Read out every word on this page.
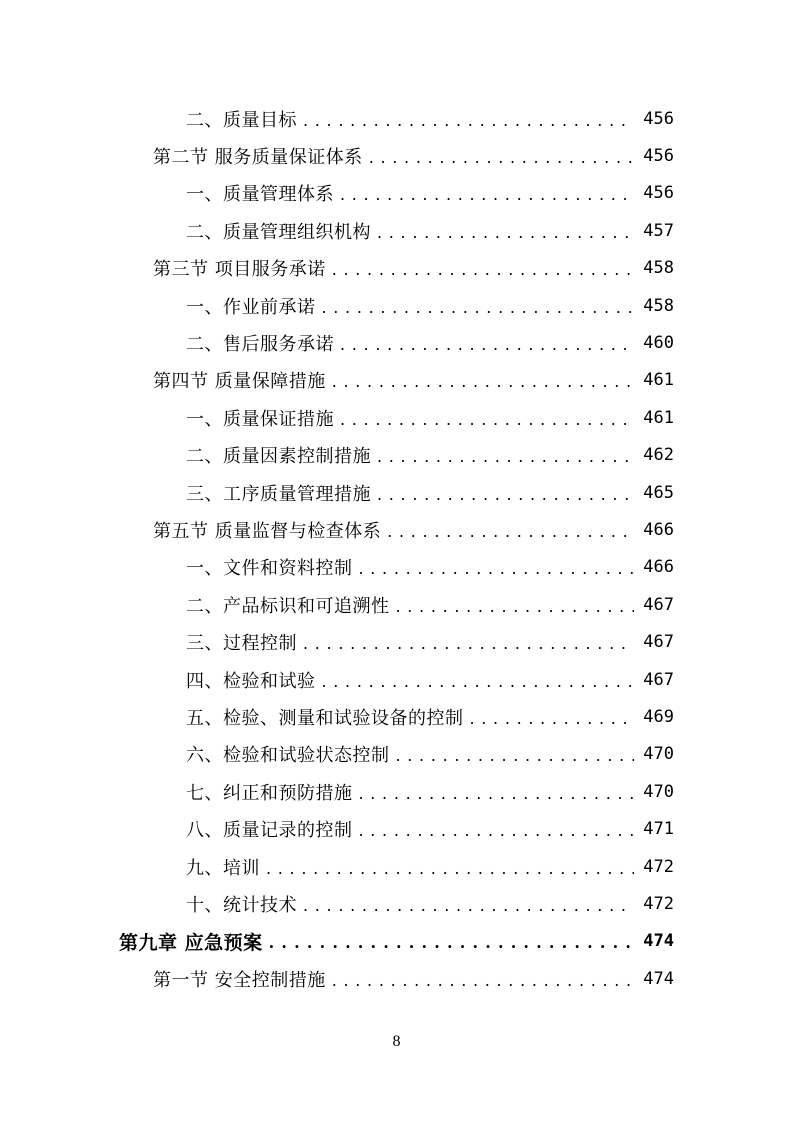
二、质量目标 . . .	456
第二节 服务质量保证体系 . . .	456
一、质量管理体系 . . .	456
二、质量管理组织机构 . . .	457
第三节 项目服务承诺 . . .	458
一、作业前承诺 . . .	458
二、售后服务承诺 . . .	460
第四节 质量保障措施 . . .	461
一、质量保证措施 . . .	461
二、质量因素控制措施 . . .	462
三、工序质量管理措施 . . .	465
第五节 质量监督与检查体系 . . .	466
一、文件和资料控制 . . .	466
二、产品标识和可追溯性 . . .	467
三、过程控制 . . .	467
四、检验和试验 . . .	467
五、检验、测量和试验设备的控制 . . .	469
六、检验和试验状态控制 . . .	470
七、纠正和预防措施 . . .	470
八、质量记录的控制 . . .	471
九、培训 . . .	472
十、统计技术 . . .	472
第九章 应急预案 . . .	474
第一节 安全控制措施 . . .	474
8
